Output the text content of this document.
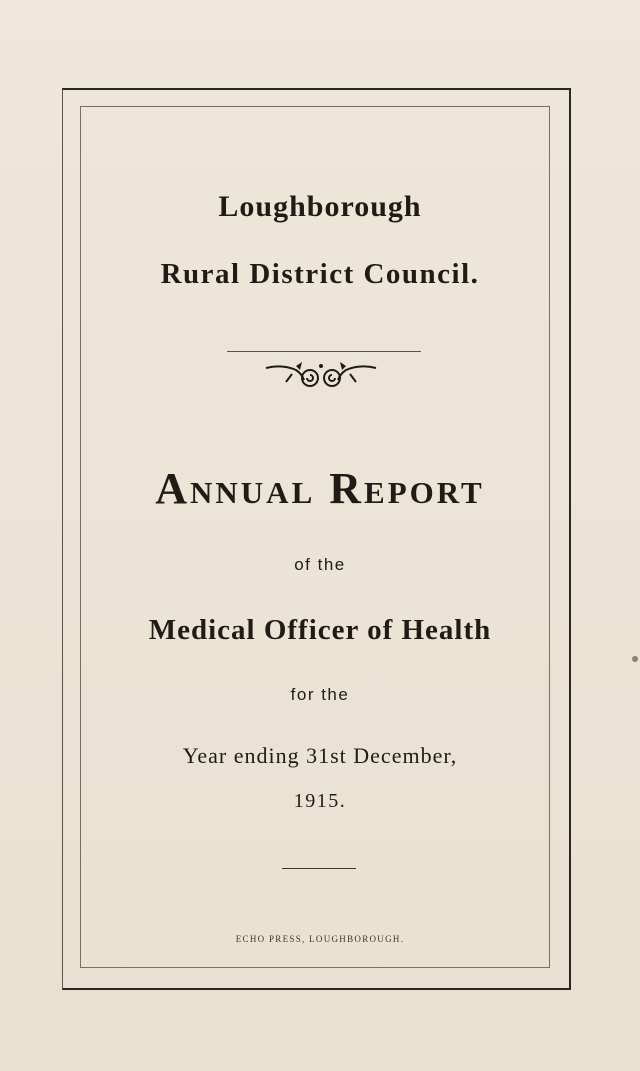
Loughborough
Rural District Council.
Annual Report
of the
Medical Officer of Health
for the
Year ending 31st December,
1915.
ECHO PRESS, LOUGHBOROUGH.
